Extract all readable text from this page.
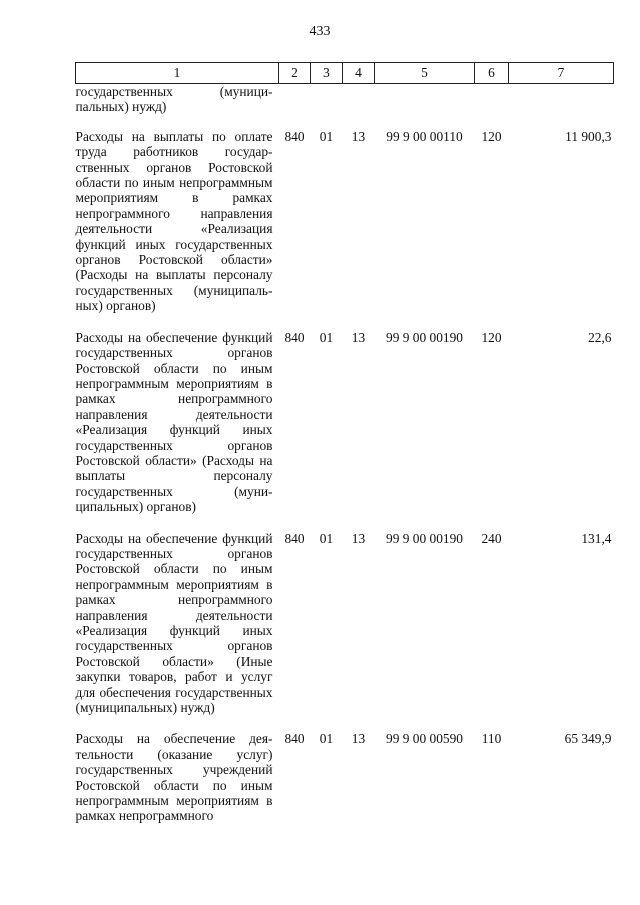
433
1	2	3	4	5	6	7
государственных (муниципальных) нужд)						
Расходы на выплаты по оплате труда работников государственных органов Ростовской области по иным непрограммным мероприятиям в рамках непрограммного направления деятельности «Реализация функций иных государственных органов Ростовской области» (Расходы на выплаты персоналу государственных (муниципальных) органов)	840	01	13	99 9 00 00110	120	11 900,3
Расходы на обеспечение функций государственных органов Ростовской области по иным непрограммным мероприятиям в рамках непрограммного направления деятельности «Реализация функций иных государственных органов Ростовской области» (Расходы на выплаты персоналу государственных (муниципальных) органов)	840	01	13	99 9 00 00190	120	22,6
Расходы на обеспечение функций государственных органов Ростовской области по иным непрограммным мероприятиям в рамках непрограммного направления деятельности «Реализация функций иных государственных органов Ростовской области» (Иные закупки товаров, работ и услуг для обеспечения государственных (муниципальных) нужд)	840	01	13	99 9 00 00190	240	131,4
Расходы на обеспечение деятельности (оказание услуг) государственных учреждений Ростовской области по иным непрограммным мероприятиям в рамках непрограммного	840	01	13	99 9 00 00590	110	65 349,9
